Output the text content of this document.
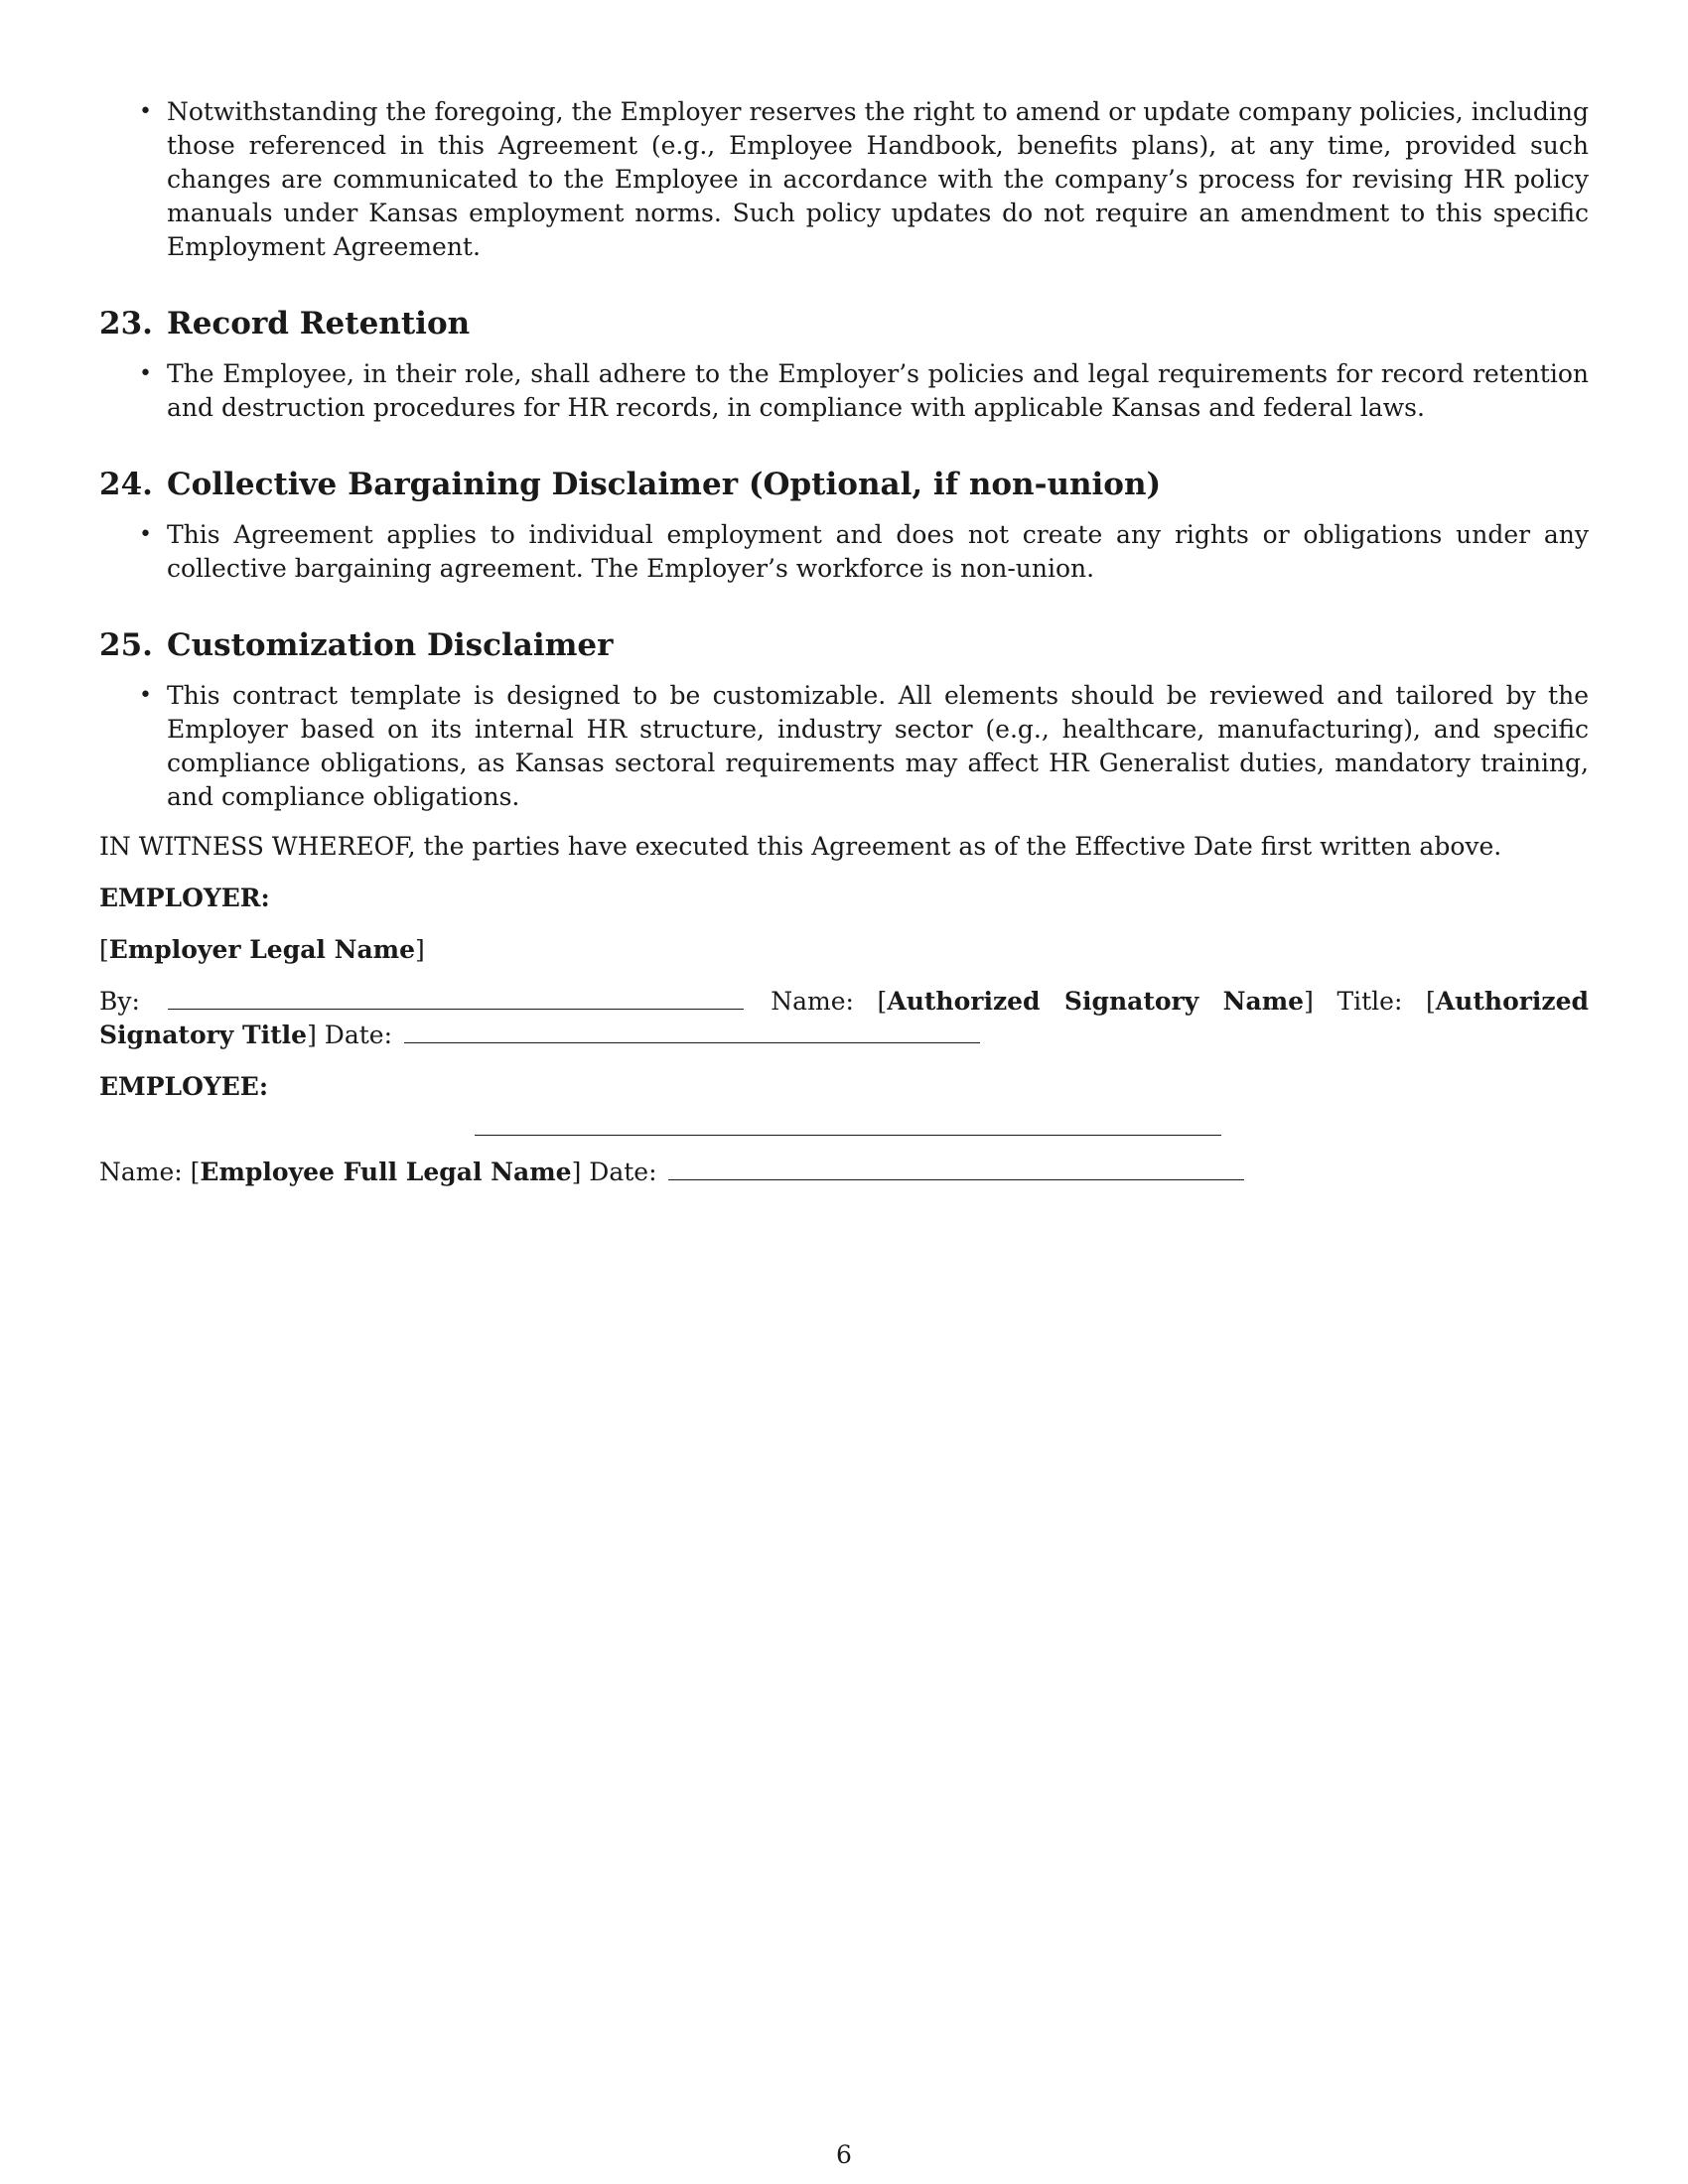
• Notwithstanding the foregoing, the Employer reserves the right to amend or update company policies, including those referenced in this Agreement (e.g., Employee Handbook, benefits plans), at any time, provided such changes are communicated to the Employee in accordance with the company’s process for revising HR policy manuals under Kansas employment norms. Such policy updates do not require an amendment to this specific Employment Agreement.
23. Record Retention
• The Employee, in their role, shall adhere to the Employer’s policies and legal requirements for record retention and destruction procedures for HR records, in compliance with applicable Kansas and federal laws.
24. Collective Bargaining Disclaimer (Optional, if non-union)
• This Agreement applies to individual employment and does not create any rights or obligations under any collective bargaining agreement. The Employer’s workforce is non-union.
25. Customization Disclaimer
• This contract template is designed to be customizable. All elements should be reviewed and tailored by the Employer based on its internal HR structure, industry sector (e.g., healthcare, manufacturing), and specific compliance obligations, as Kansas sectoral requirements may affect HR Generalist duties, mandatory training, and compliance obligations.

IN WITNESS WHEREOF, the parties have executed this Agreement as of the Effective Date first written above.

EMPLOYER:

[Employer Legal Name]

By:	Name: [Authorized Signatory Name] Title: [Authorized Signatory Title] Date:

EMPLOYEE:

Name: [Employee Full Legal Name] Date:

6
